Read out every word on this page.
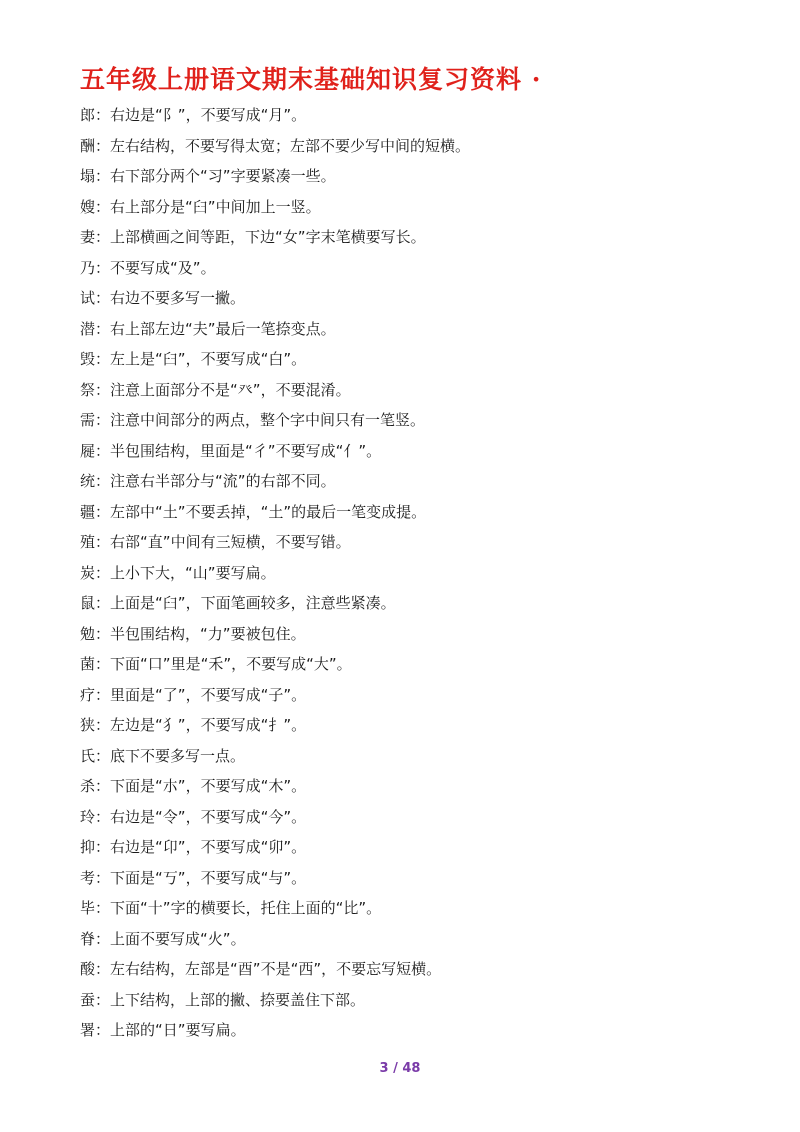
五年级上册语文期末基础知识复习资料 ·
郎：右边是“阝”，不要写成“月”。
酬：左右结构，不要写得太宽；左部不要少写中间的短横。
塌：右下部分两个“习”字要紧凑一些。
嫂：右上部分是“臼”中间加上一竖。
妻：上部横画之间等距，下边“女”字末笔横要写长。
乃：不要写成“及”。
试：右边不要多写一撇。
潜：右上部左边“夫”最后一笔捺变点。
毁：左上是“臼”，不要写成“白”。
祭：注意上面部分不是“癶”，不要混淆。
需：注意中间部分的两点，整个字中间只有一笔竖。
屣：半包围结构，里面是“彳”不要写成“亻”。
统：注意右半部分与“流”的右部不同。
疆：左部中“土”不要丢掉，“土”的最后一笔变成提。
殖：右部“直”中间有三短横，不要写错。
炭：上小下大，“山”要写扁。
鼠：上面是“臼”，下面笔画较多，注意些紧凑。
勉：半包围结构，“力”要被包住。
菌：下面“口”里是“禾”，不要写成“大”。
疗：里面是“了”，不要写成“子”。
狭：左边是“犭”，不要写成“扌”。
氏：底下不要多写一点。
杀：下面是“朩”，不要写成“木”。
玲：右边是“令”，不要写成“今”。
抑：右边是“卬”，不要写成“卯”。
考：下面是“丂”，不要写成“与”。
毕：下面“十”字的横要长，托住上面的“比”。
脊：上面不要写成“火”。
酸：左右结构，左部是“酉”不是“西”，不要忘写短横。
蚕：上下结构，上部的撇、捺要盖住下部。
署：上部的“日”要写扁。
3 / 48
